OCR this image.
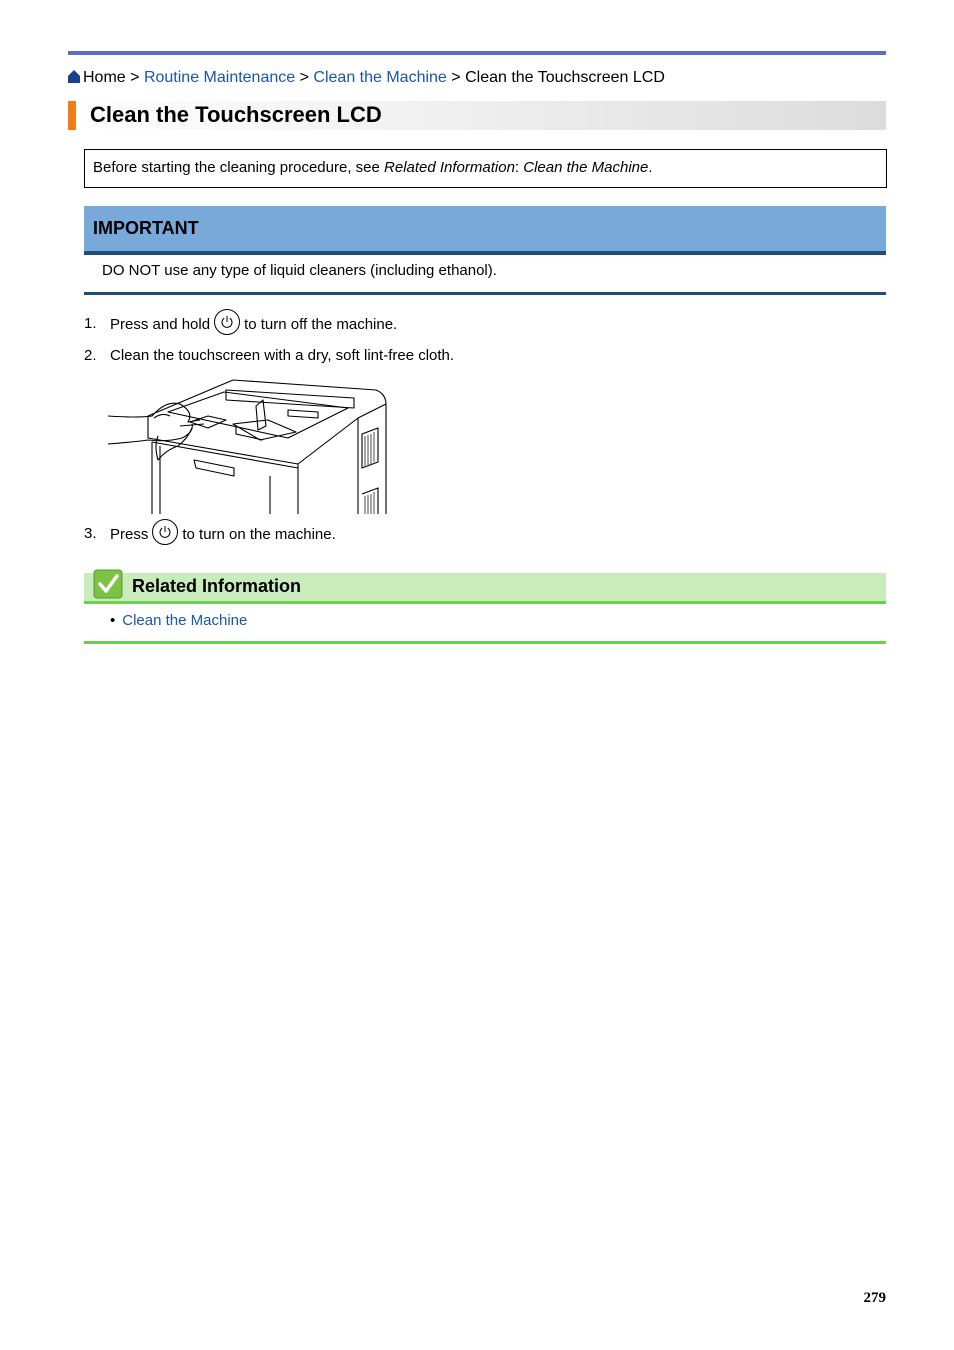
Home > Routine Maintenance > Clean the Machine > Clean the Touchscreen LCD
Clean the Touchscreen LCD
Before starting the cleaning procedure, see Related Information: Clean the Machine.
IMPORTANT
DO NOT use any type of liquid cleaners (including ethanol).
1. Press and hold to turn off the machine.
2. Clean the touchscreen with a dry, soft lint-free cloth.
3. Press to turn on the machine.
Related Information
• Clean the Machine
279
